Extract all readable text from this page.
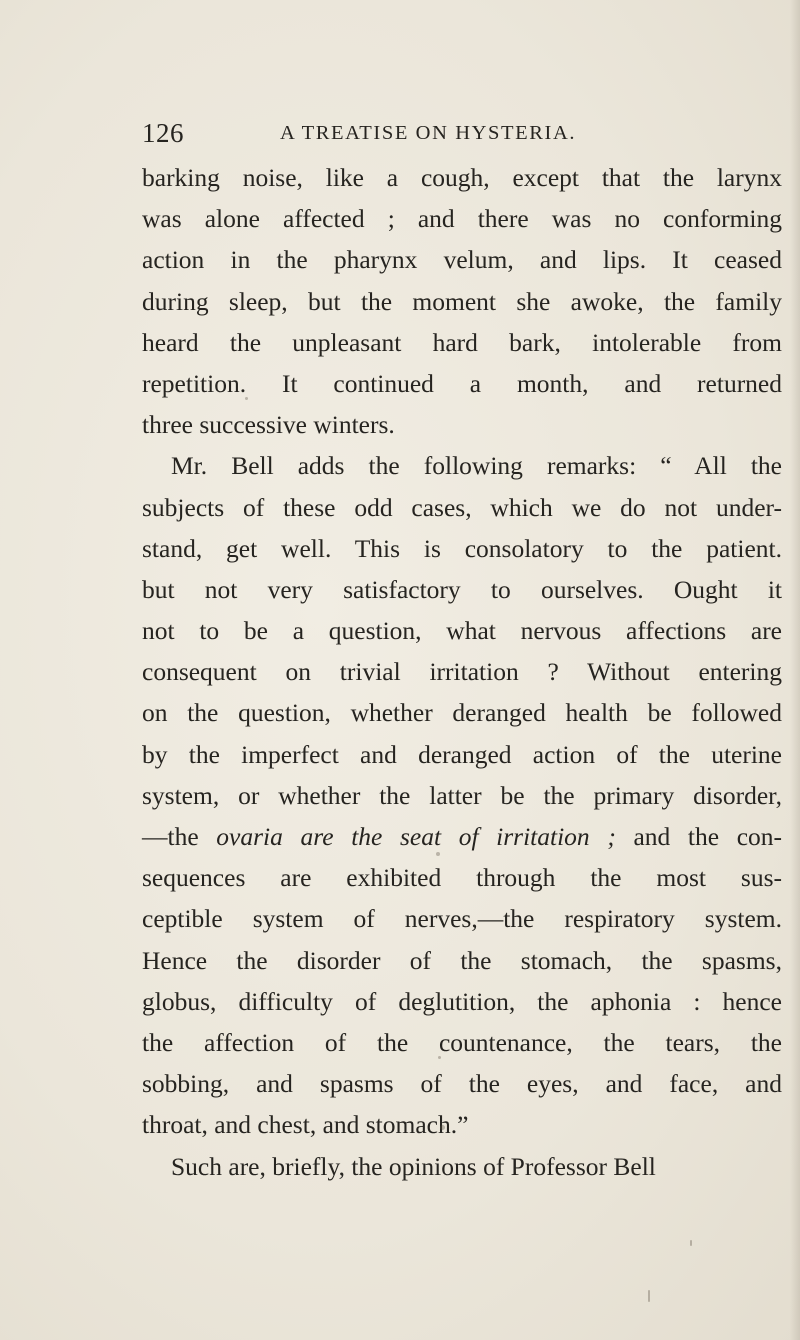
126	A TREATISE ON HYSTERIA.
barking noise, like a cough, except that the larynx
was alone affected ; and there was no conforming
action in the pharynx velum, and lips. It ceased
during sleep, but the moment she awoke, the family
heard the unpleasant hard bark, intolerable from
repetition. It continued a month, and returned
three successive winters.
Mr. Bell adds the following remarks: “ All the
subjects of these odd cases, which we do not under-
stand, get well. This is consolatory to the patient.
but not very satisfactory to ourselves. Ought it
not to be a question, what nervous affections are
consequent on trivial irritation ? Without entering
on the question, whether deranged health be followed
by the imperfect and deranged action of the uterine
system, or whether the latter be the primary disorder,
—the ovaria are the seat of irritation ; and the con-
sequences are exhibited through the most sus-
ceptible system of nerves,—the respiratory system.
Hence the disorder of the stomach, the spasms,
globus, difficulty of deglutition, the aphonia : hence
the affection of the countenance, the tears, the
sobbing, and spasms of the eyes, and face, and
throat, and chest, and stomach.”
Such are, briefly, the opinions of Professor Bell
